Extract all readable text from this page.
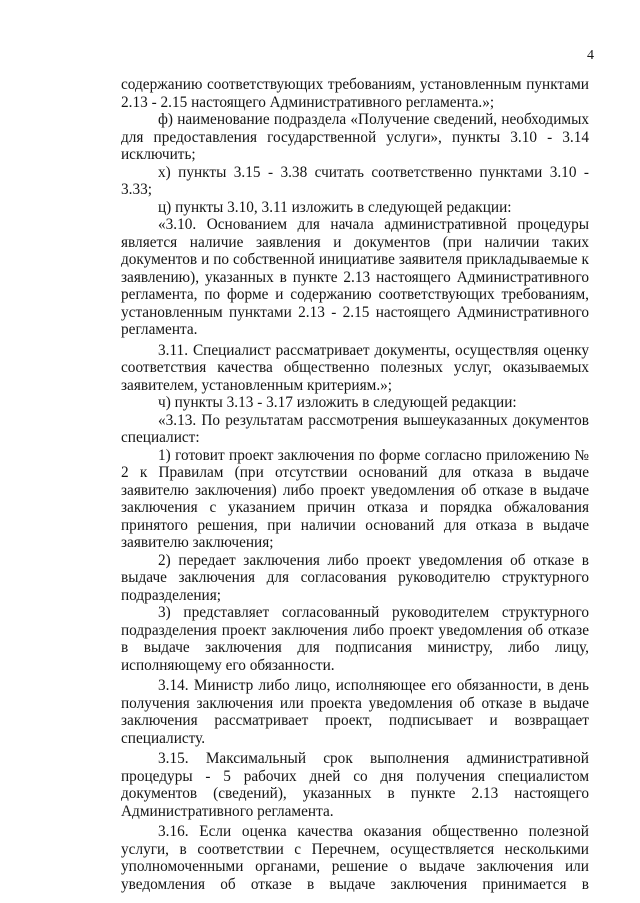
4

содержанию соответствующих требованиям, установленным пунктами 2.13 - 2.15 настоящего Административного регламента.»;

ф) наименование подраздела «Получение сведений, необходимых для предоставления государственной услуги», пункты 3.10 - 3.14 исключить;

х) пункты 3.15 - 3.38 считать соответственно пунктами 3.10 - 3.33;

ц) пункты 3.10, 3.11 изложить в следующей редакции:

«3.10. Основанием для начала административной процедуры является наличие заявления и документов (при наличии таких документов и по собственной инициативе заявителя прикладываемые к заявлению), указанных в пункте 2.13 настоящего Административного регламента, по форме и содержанию соответствующих требованиям, установленным пунктами 2.13 - 2.15 настоящего Административного регламента.

3.11. Специалист рассматривает документы, осуществляя оценку соответствия качества общественно полезных услуг, оказываемых заявителем, установленным критериям.»;

ч) пункты 3.13 - 3.17 изложить в следующей редакции:

«3.13. По результатам рассмотрения вышеуказанных документов специалист:

1) готовит проект заключения по форме согласно приложению № 2 к Правилам (при отсутствии оснований для отказа в выдаче заявителю заключения) либо проект уведомления об отказе в выдаче заключения с указанием причин отказа и порядка обжалования принятого решения, при наличии оснований для отказа в выдаче заявителю заключения;

2) передает заключения либо проект уведомления об отказе в выдаче заключения для согласования руководителю структурного подразделения;

3) представляет согласованный руководителем структурного подразделения проект заключения либо проект уведомления об отказе в выдаче заключения для подписания министру, либо лицу, исполняющему его обязанности.

3.14. Министр либо лицо, исполняющее его обязанности, в день получения заключения или проекта уведомления об отказе в выдаче заключения рассматривает проект, подписывает и возвращает специалисту.

3.15. Максимальный срок выполнения административной процедуры - 5 рабочих дней со дня получения специалистом документов (сведений), указанных в пункте 2.13 настоящего Административного регламента.

3.16. Если оценка качества оказания общественно полезной услуги, в соответствии с Перечнем, осуществляется несколькими уполномоченными органами, решение о выдаче заключения или уведомления об отказе в выдаче заключения принимается в
